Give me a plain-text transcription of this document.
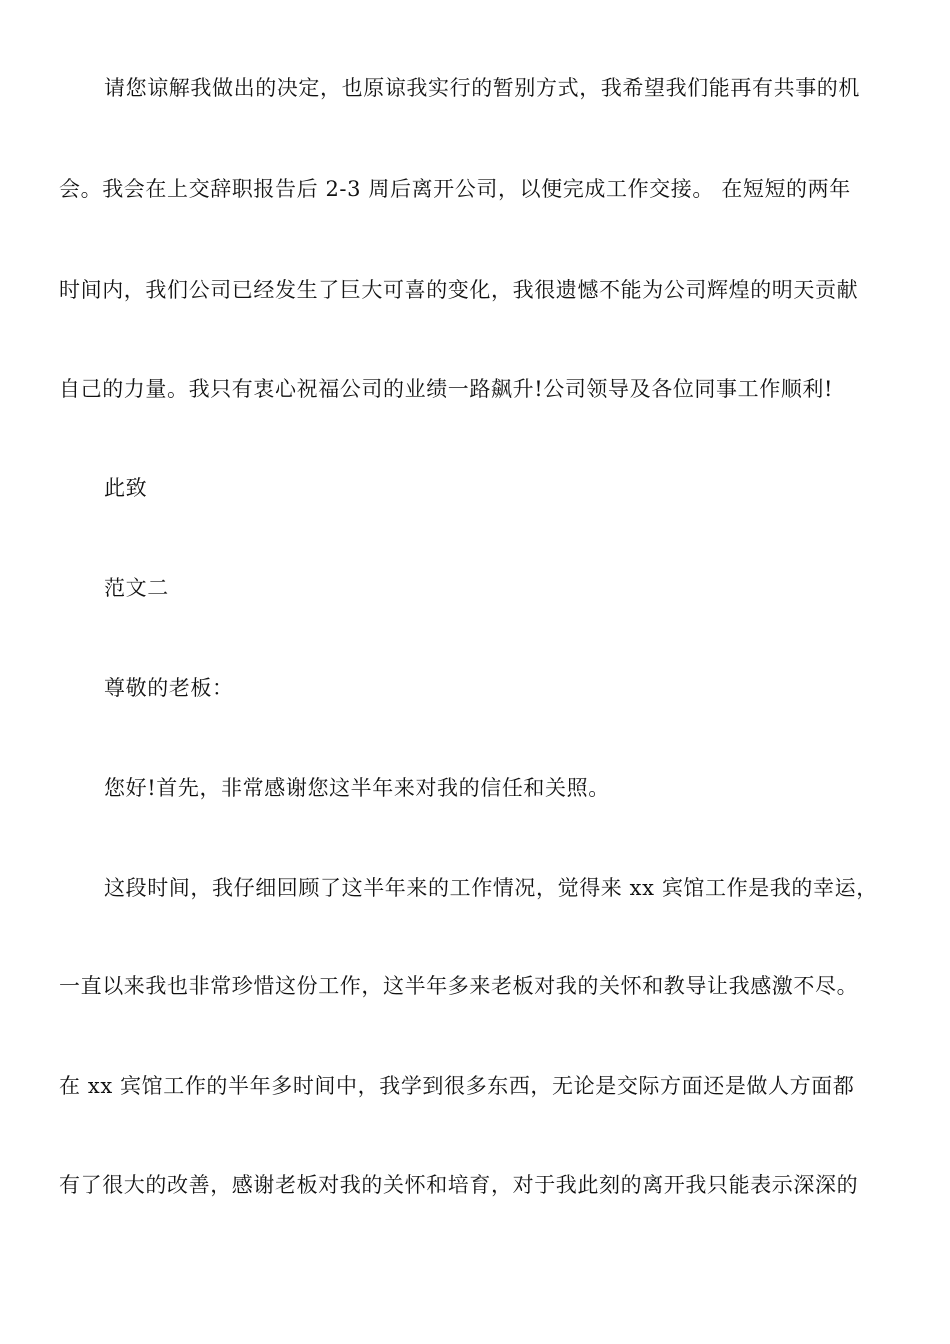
请您谅解我做出的决定，也原谅我实行的暂别方式，我希望我们能再有共事的机
会。我会在上交辞职报告后 2-3 周后离开公司，以便完成工作交接。 在短短的两年
时间内，我们公司已经发生了巨大可喜的变化，我很遗憾不能为公司辉煌的明天贡献
自己的力量。我只有衷心祝福公司的业绩一路飙升!公司领导及各位同事工作顺利!
此致
范文二
尊敬的老板：
您好!首先，非常感谢您这半年来对我的信任和关照。
这段时间，我仔细回顾了这半年来的工作情况，觉得来 xx 宾馆工作是我的幸运，
一直以来我也非常珍惜这份工作，这半年多来老板对我的关怀和教导让我感激不尽。
在 xx 宾馆工作的半年多时间中，我学到很多东西，无论是交际方面还是做人方面都
有了很大的改善，感谢老板对我的关怀和培育，对于我此刻的离开我只能表示深深的
